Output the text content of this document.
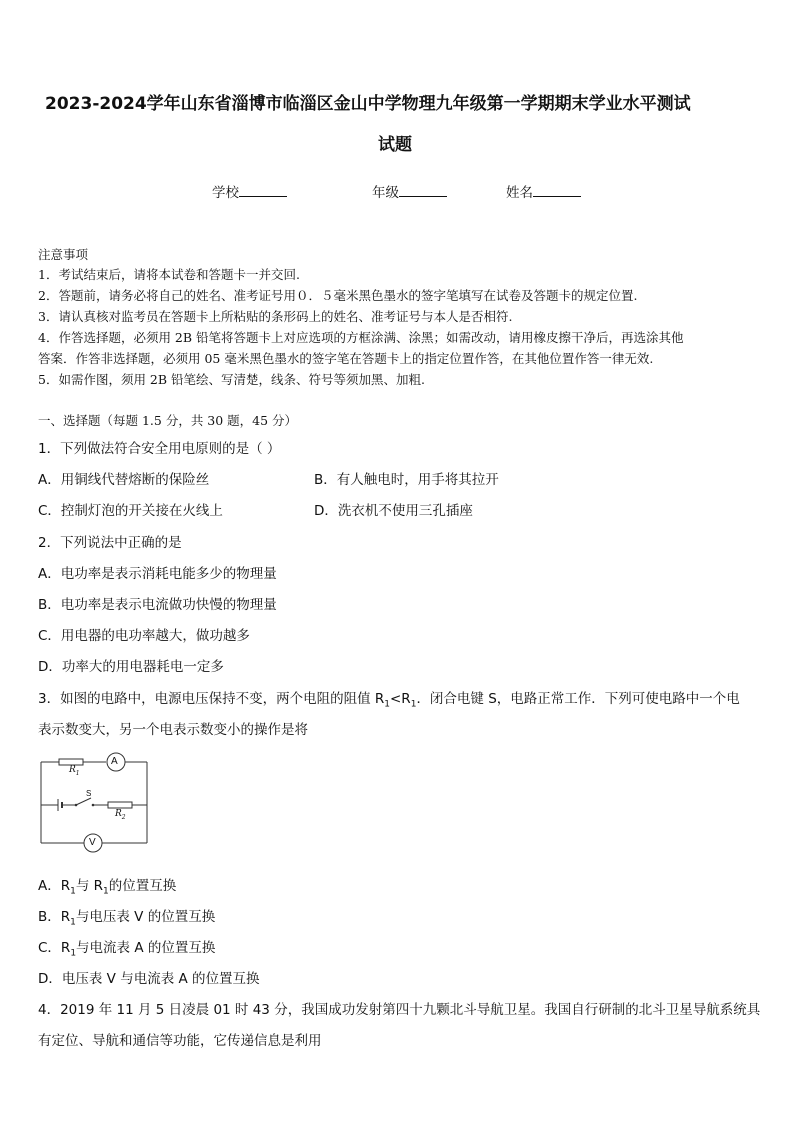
2023-2024学年山东省淄博市临淄区金山中学物理九年级第一学期期末学业水平测试
试题
学校	年级	姓名
注意事项
1．考试结束后，请将本试卷和答题卡一并交回.
2．答题前，请务必将自己的姓名、准考证号用０．５毫米黑色墨水的签字笔填写在试卷及答题卡的规定位置.
3．请认真核对监考员在答题卡上所粘贴的条形码上的姓名、准考证号与本人是否相符.
4．作答选择题，必须用 2B 铅笔将答题卡上对应选项的方框涂满、涂黑；如需改动，请用橡皮擦干净后，再选涂其他
答案．作答非选择题，必须用 05 毫米黑色墨水的签字笔在答题卡上的指定位置作答，在其他位置作答一律无效.
5．如需作图，须用 2B 铅笔绘、写清楚，线条、符号等须加黑、加粗.
一、选择题（每题 1.5 分，共 30 题，45 分）
1．下列做法符合安全用电原则的是（ ）
A．用铜线代替熔断的保险丝	B．有人触电时，用手将其拉开
C．控制灯泡的开关接在火线上	D．洗衣机不使用三孔插座
2．下列说法中正确的是
A．电功率是表示消耗电能多少的物理量
B．电功率是表示电流做功快慢的物理量
C．用电器的电功率越大，做功越多
D．功率大的用电器耗电一定多
3．如图的电路中，电源电压保持不变，两个电阻的阻值 $R_1<R_1$．闭合电键 S，电路正常工作．下列可使电路中一个电
表示数变大，另一个电表示数变小的操作是将
$R_1$
A
S
$R_2$
V
A．$R_1$与 $R_1$的位置互换
B．$R_1$与电压表 V 的位置互换
C．$R_1$与电流表 A 的位置互换
D．电压表 V 与电流表 A 的位置互换
4．2019 年 11 月 5 日凌晨 01 时 43 分，我国成功发射第四十九颗北斗导航卫星。我国自行研制的北斗卫星导航系统具
有定位、导航和通信等功能，它传递信息是利用
